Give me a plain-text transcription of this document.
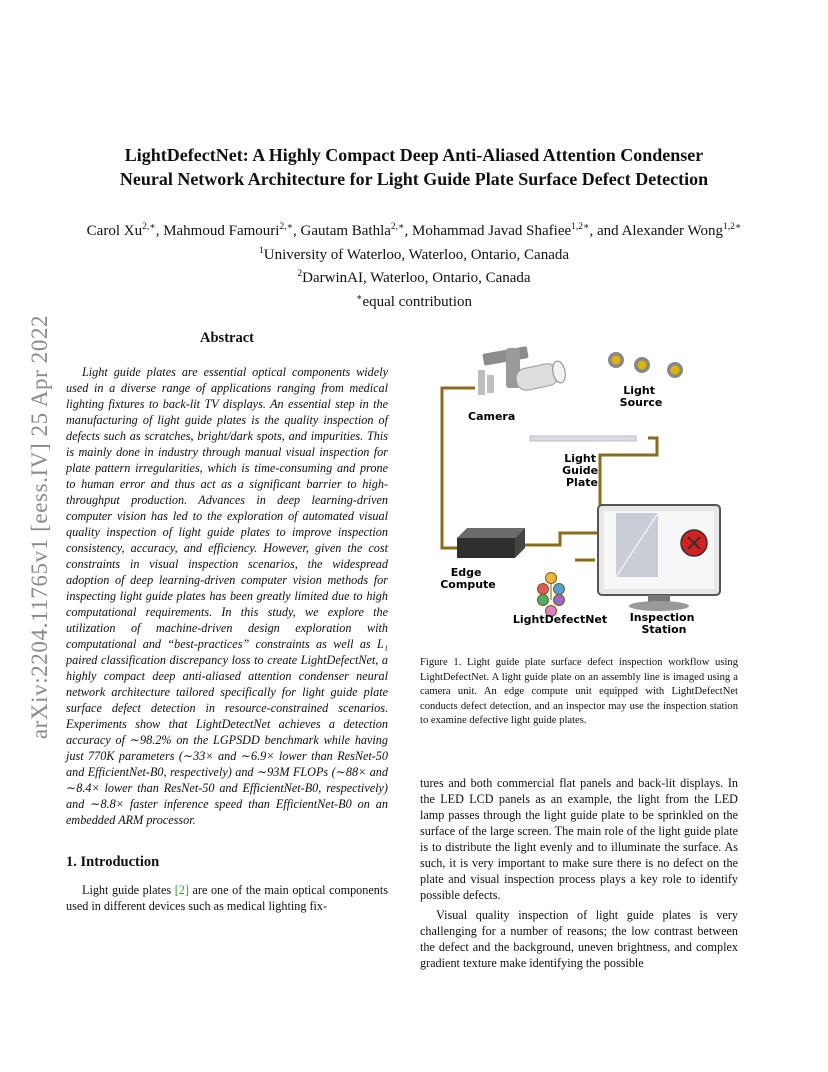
arXiv:2204.11765v1 [eess.IV] 25 Apr 2022
LightDefectNet: A Highly Compact Deep Anti-Aliased Attention Condenser
Neural Network Architecture for Light Guide Plate Surface Defect Detection
Carol $Xu^{2,∗}$, Mahmoud Famouri$^{2,∗}$, Gautam Bathla$^{2,∗}$, Mohammad Javad Shafiee$^{1,2∗}$, and Alexander Wong$^{1,2∗}$
$^1$University of Waterloo, Waterloo, Ontario, Canada
$^2$DarwinAI, Waterloo, Ontario, Canada
∗equal contribution
Abstract

Light guide plates are essential optical components widely used in a diverse range of applications ranging from medical lighting fixtures to back-lit TV displays. An essential step in the manufacturing of light guide plates is the quality inspection of defects such as scratches, bright/dark spots, and impurities. This is mainly done in industry through manual visual inspection for plate pattern irregularities, which is time-consuming and prone to human error and thus act as a significant barrier to high-throughput production. Advances in deep learning-driven computer vision has led to the exploration of automated visual quality inspection of light guide plates to improve inspection consistency, accuracy, and efficiency. However, given the cost constraints in visual inspection scenarios, the widespread adoption of deep learning-driven computer vision methods for inspecting light guide plates has been greatly limited due to high computational requirements. In this study, we explore the utilization of machine-driven design exploration with computational and “best-practices” constraints as well as L₁ paired classification discrepancy loss to create LightDefectNet, a highly compact deep anti-aliased attention condenser neural network architecture tailored specifically for light guide plate surface defect detection in resource-constrained scenarios. Experiments show that LightDetectNet achieves a detection accuracy of ∼98.2% on the LGPSDD benchmark while having just 770K parameters (∼33× and ∼6.9× lower than ResNet-50 and EfficientNet-B0, respectively) and ∼93M FLOPs (∼88× and ∼8.4× lower than ResNet-50 and EfficientNet-B0, respectively) and ∼8.8× faster inference speed than EfficientNet-B0 on an embedded ARM processor.

1. Introduction

Light guide plates [2] are one of the main optical components used in different devices such as medical lighting fix-

Camera
Light Source
Light Guide Plate
Edge Compute
LightDefectNet Inspection Station
Figure 1. Light guide plate surface defect inspection workflow using LightDefectNet. A light guide plate on an assembly line is imaged using a camera unit. An edge compute unit equipped with LightDefectNet conducts defect detection, and an inspector may use the inspection station to examine defective light guide plates.

tures and both commercial flat panels and back-lit displays. In the LED LCD panels as an example, the light from the LED lamp passes through the light guide plate to be sprinkled on the surface of the large screen. The main role of the light guide plate is to distribute the light evenly and to illuminate the surface. As such, it is very important to make sure there is no defect on the plate and visual inspection process plays a key role to identify possible defects.

Visual quality inspection of light guide plates is very challenging for a number of reasons; the low contrast between the defect and the background, uneven brightness, and complex gradient texture make identifying the possible
